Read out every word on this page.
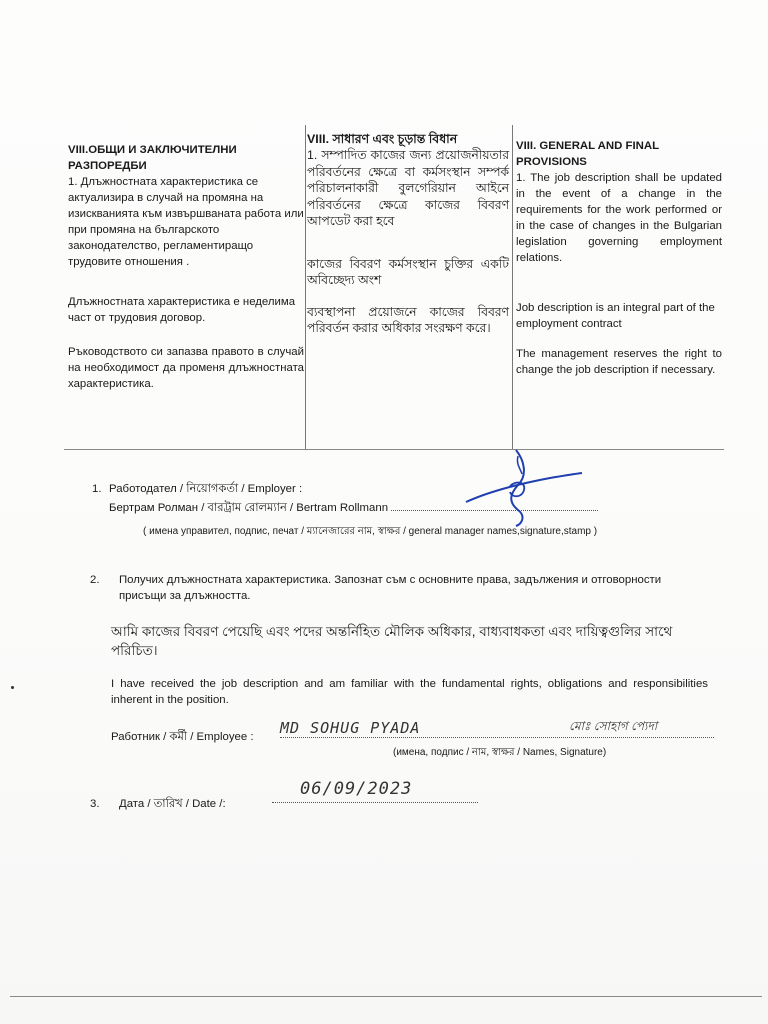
VIII.ОБЩИ И ЗАКЛЮЧИТЕЛНИ РАЗПОРЕДБИ

1. Длъжностната характеристика се актуализира в случай на промяна на изискванията към извършваната работа или при промяна на българското законодателство, регламентиращо трудовите отношения .

Длъжностната характеристика е неделима част от трудовия договор.

Ръководството си запазва правото в случай на необходимост да променя длъжностната характеристика.

VIII. সাধারণ এবং চূড়ান্ত বিধান

1. সম্পাদিত কাজের জন্য প্রয়োজনীয়তার পরিবর্তনের ক্ষেত্রে বা কর্মসংস্থান সম্পর্ক পরিচালনাকারী বুলগেরিয়ান আইনে পরিবর্তনের ক্ষেত্রে কাজের বিবরণ আপডেট করা হবে

কাজের বিবরণ কর্মসংস্থান চুক্তির একটি অবিচ্ছেদ্য অংশ

ব্যবস্থাপনা প্রয়োজনে কাজের বিবরণ পরিবর্তন করার অধিকার সংরক্ষণ করে।

VIII. GENERAL AND FINAL PROVISIONS

1. The job description shall be updated in the event of a change in the requirements for the work performed or in the case of changes in the Bulgarian legislation governing employment relations.

Job description is an integral part of the employment contract

The management reserves the right to change the job description if necessary.

1. Работодател / নিয়োগকর্তা / Employer :
Бертрам Ролман / বারট্রাম রোলম্যান / Bertram Rollmann
( имена управител, подпис, печат / ম্যানেজারের নাম, স্বাক্ষর / general manager names,signature,stamp )
2.	Получих длъжностната характеристика. Запознат съм с основните права, задължения и отговорности присъщи за длъжността.
আমি কাজের বিবরণ পেয়েছি এবং পদের অন্তর্নিহিত মৌলিক অধিকার, বাধ্যবাধকতা এবং দায়িত্বগুলির সাথে পরিচিত।
I have received the job description and am familiar with the fundamental rights, obligations and responsibilities inherent in the position.
Работник / কর্মী / Employee :	MD SOHUG PYADA	মোঃ সোহাগ প্যেদা
(имена, подпис / নাম, স্বাক্ষর / Names, Signature)
3.	Дата / তারিখ / Date /:
06/09/2023
